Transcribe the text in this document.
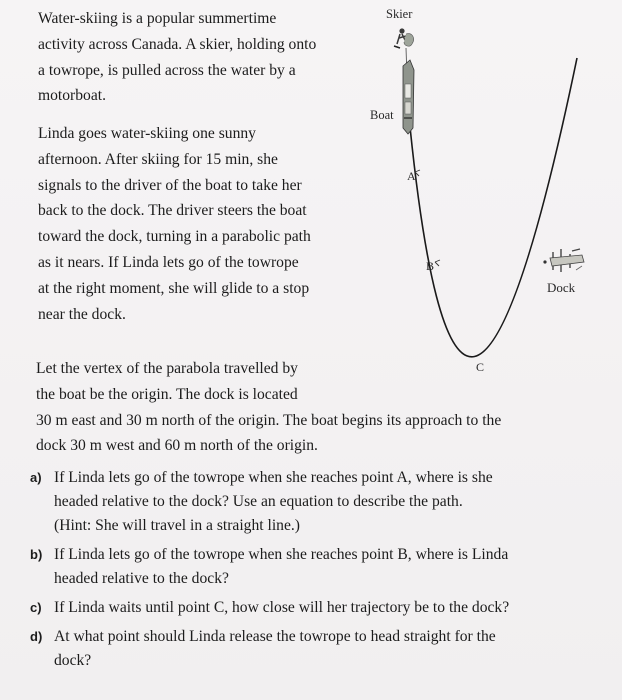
Water-skiing is a popular summertime
activity across Canada. A skier, holding onto
a towrope, is pulled across the water by a
motorboat.

Linda goes water-skiing one sunny
afternoon. After skiing for 15 min, she
signals to the driver of the boat to take her
back to the dock. The driver steers the boat
toward the dock, turning in a parabolic path
as it nears. If Linda lets go of the towrope
at the right moment, she will glide to a stop
near the dock.

Let the vertex of the parabola travelled by
the boat be the origin. The dock is located
30 m east and 30 m north of the origin. The boat begins its approach to the
dock 30 m west and 60 m north of the origin.

a) If Linda lets go of the towrope when she reaches point A, where is she
headed relative to the dock? Use an equation to describe the path.
(Hint: She will travel in a straight line.)
b) If Linda lets go of the towrope when she reaches point B, where is Linda
headed relative to the dock?
c) If Linda waits until point C, how close will her trajectory be to the dock?
d) At what point should Linda release the towrope to head straight for the
dock?
Skier
Boat
A
B
C
Dock
